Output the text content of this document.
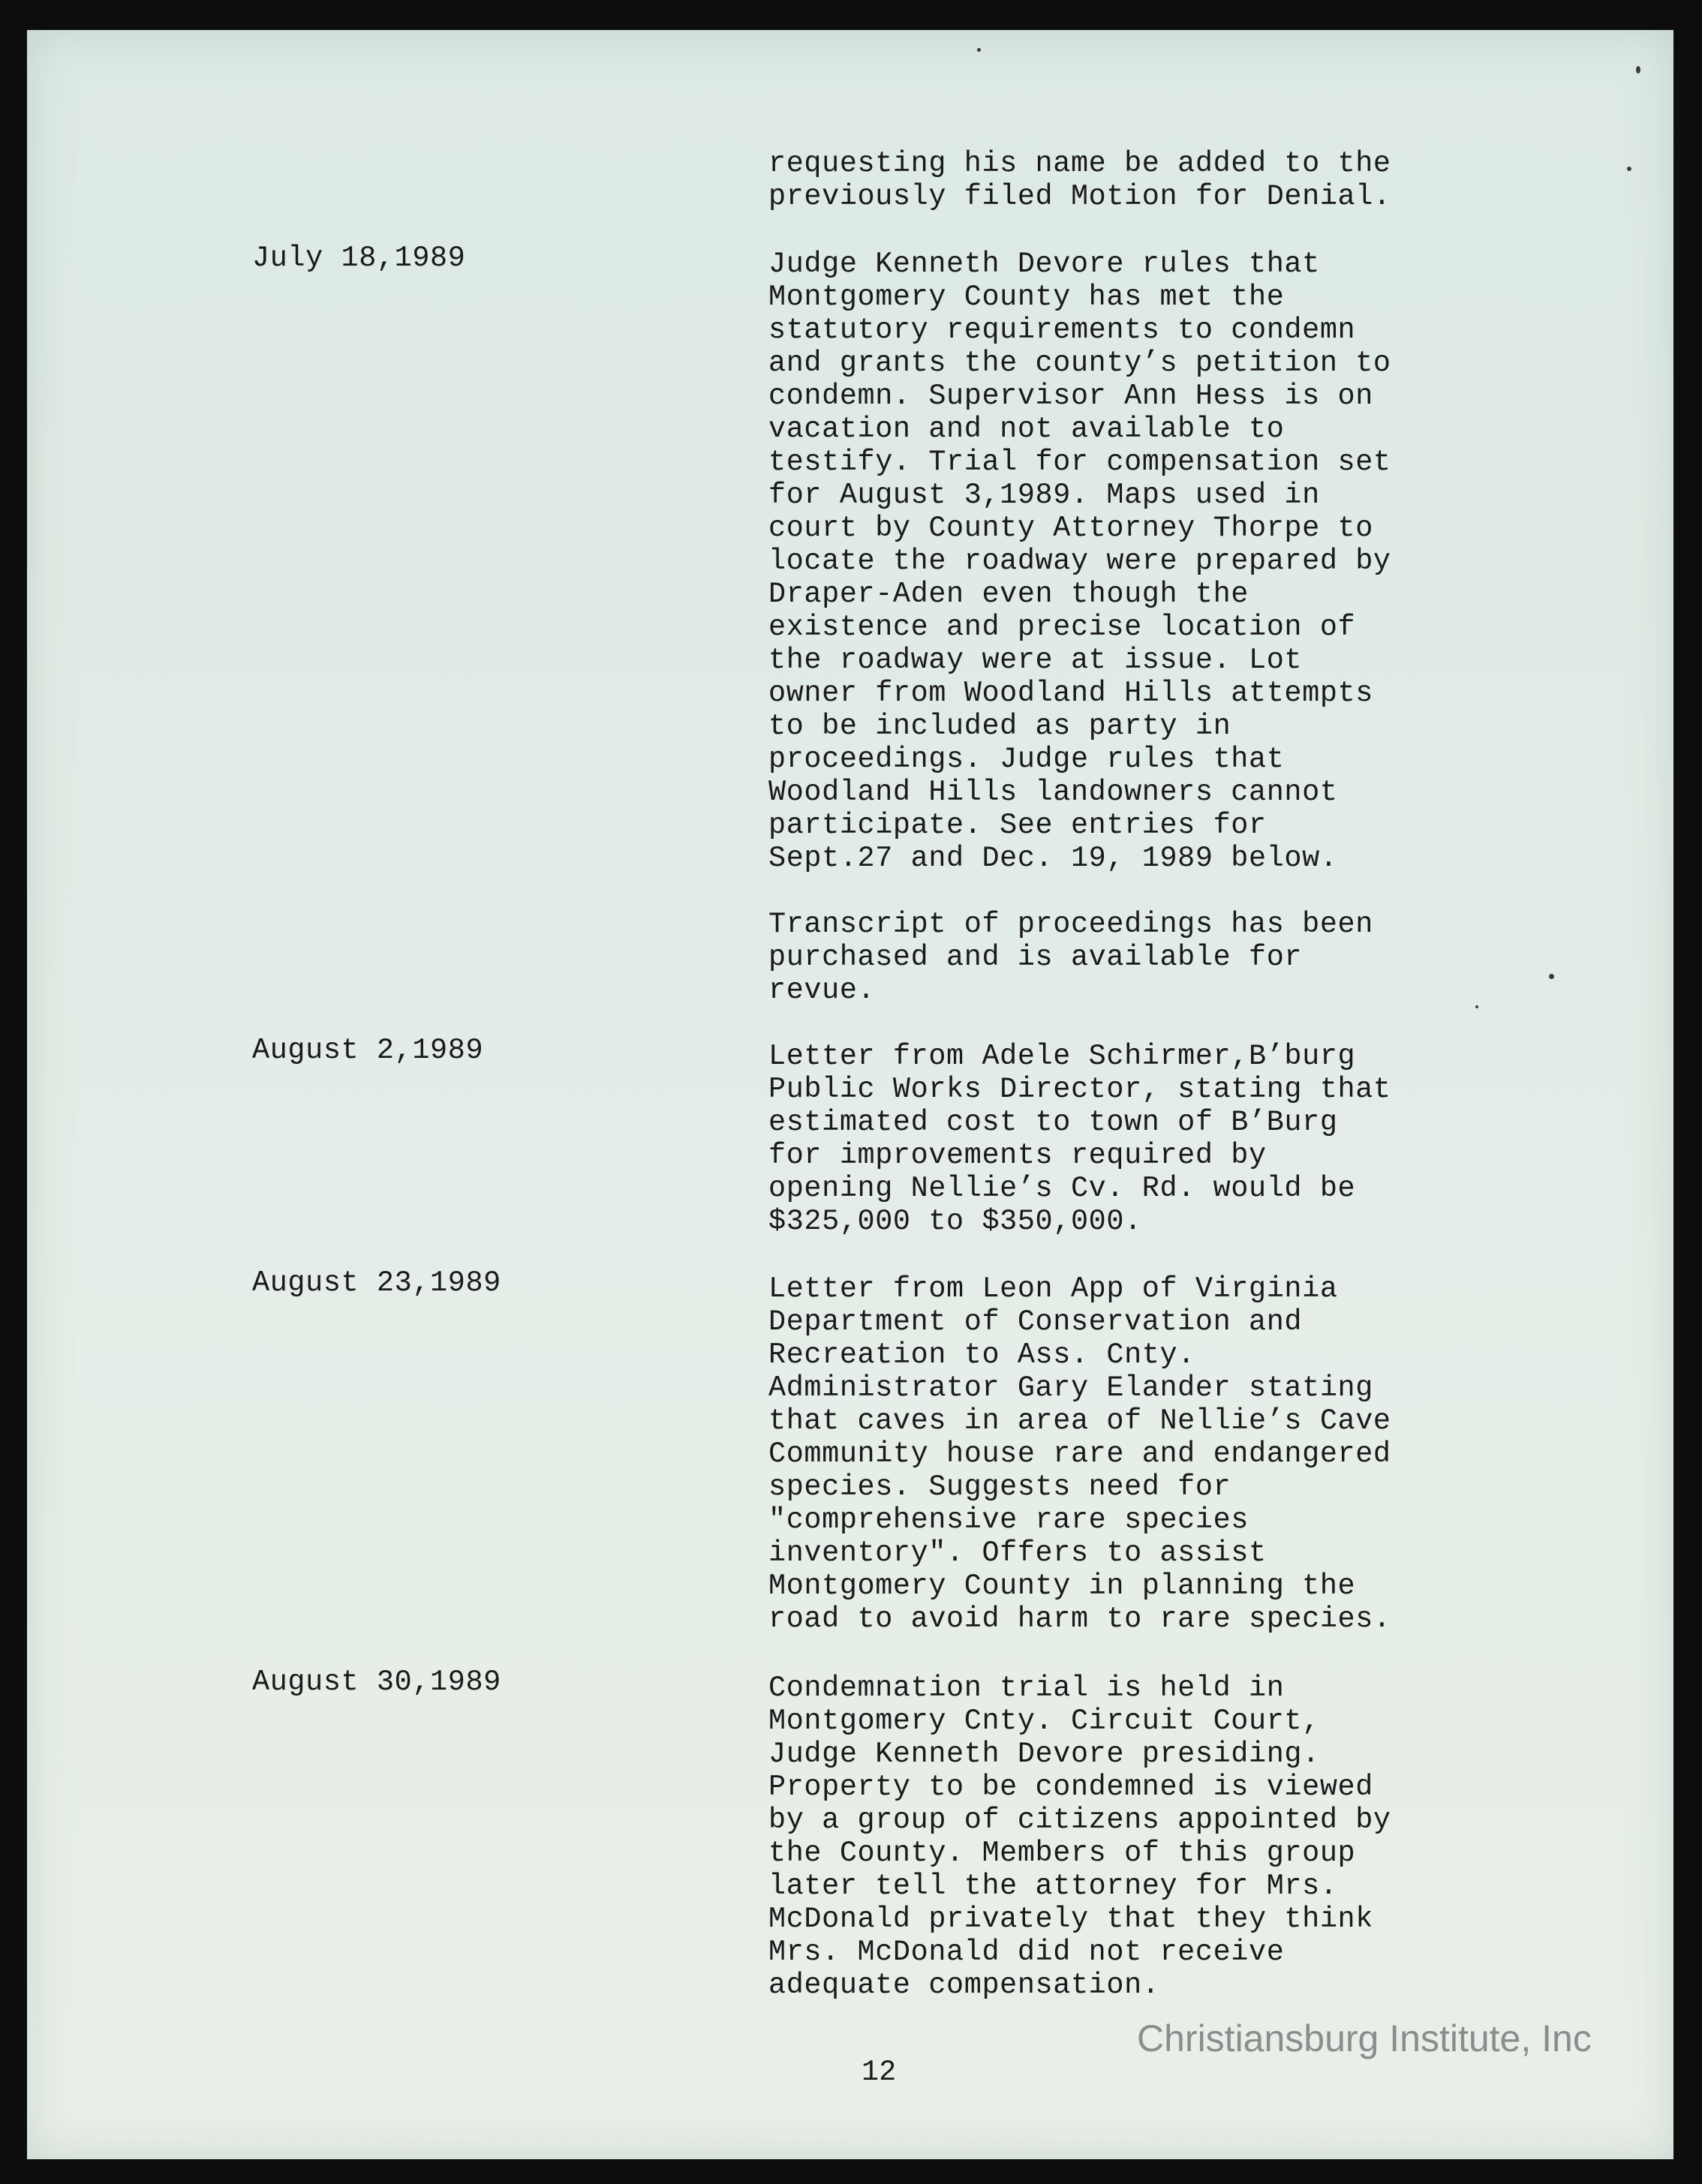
requesting his name be added to the
previously filed Motion for Denial.

July 18,1989	Judge Kenneth Devore rules that
Montgomery County has met the
statutory requirements to condemn
and grants the county’s petition to
condemn. Supervisor Ann Hess is on
vacation and not available to
testify. Trial for compensation set
for August 3,1989. Maps used in
court by County Attorney Thorpe to
locate the roadway were prepared by
Draper-Aden even though the
existence and precise location of
the roadway were at issue. Lot
owner from Woodland Hills attempts
to be included as party in
proceedings. Judge rules that
Woodland Hills landowners cannot
participate. See entries for
Sept.27 and Dec. 19, 1989 below.

Transcript of proceedings has been
purchased and is available for
revue.

August 2,1989	Letter from Adele Schirmer,B’burg
Public Works Director, stating that
estimated cost to town of B’Burg
for improvements required by
opening Nellie’s Cv. Rd. would be
$325,000 to $350,000.

August 23,1989	Letter from Leon App of Virginia
Department of Conservation and
Recreation to Ass. Cnty.
Administrator Gary Elander stating
that caves in area of Nellie’s Cave
Community house rare and endangered
species. Suggests need for
"comprehensive rare species
inventory". Offers to assist
Montgomery County in planning the
road to avoid harm to rare species.

August 30,1989	Condemnation trial is held in
Montgomery Cnty. Circuit Court,
Judge Kenneth Devore presiding.
Property to be condemned is viewed
by a group of citizens appointed by
the County. Members of this group
later tell the attorney for Mrs.
McDonald privately that they think
Mrs. McDonald did not receive
adequate compensation.

12
Christiansburg Institute, Inc
